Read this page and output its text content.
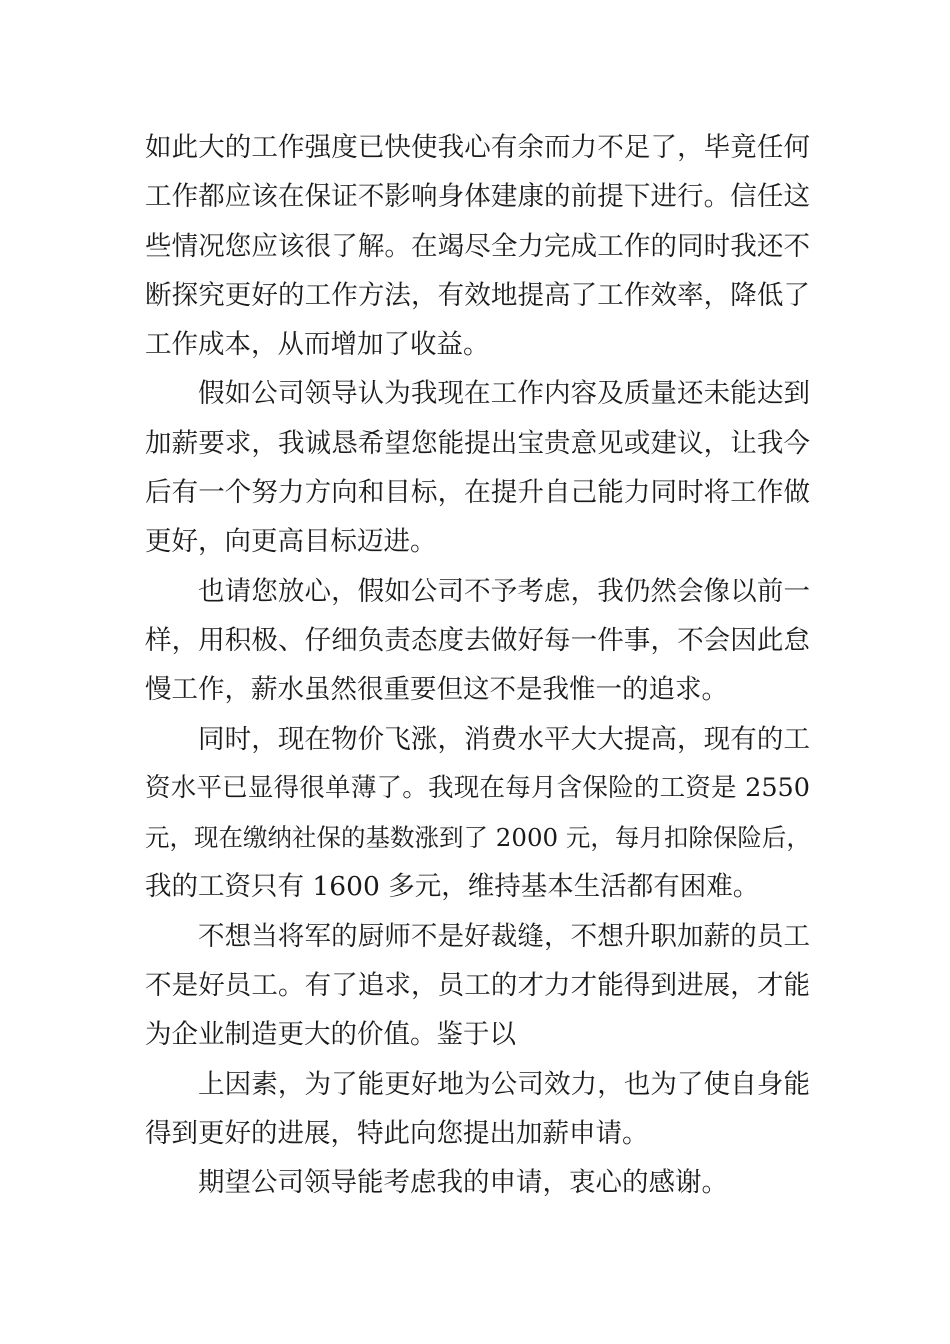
如此大的工作强度已快使我心有余而力不足了，毕竟任何
工作都应该在保证不影响身体建康的前提下进行。信任这
些情况您应该很了解。在竭尽全力完成工作的同时我还不
断探究更好的工作方法，有效地提高了工作效率，降低了
工作成本，从而增加了收益。
假如公司领导认为我现在工作内容及质量还未能达到
加薪要求，我诚恳希望您能提出宝贵意见或建议，让我今
后有一个努力方向和目标，在提升自己能力同时将工作做
更好，向更高目标迈进。
也请您放心，假如公司不予考虑，我仍然会像以前一
样，用积极、仔细负责态度去做好每一件事，不会因此怠
慢工作，薪水虽然很重要但这不是我惟一的追求。
同时，现在物价飞涨，消费水平大大提高，现有的工
资水平已显得很单薄了。我现在每月含保险的工资是 2550
元，现在缴纳社保的基数涨到了 2000 元，每月扣除保险后，
我的工资只有 1600 多元，维持基本生活都有困难。
不想当将军的厨师不是好裁缝，不想升职加薪的员工
不是好员工。有了追求，员工的才力才能得到进展，才能
为企业制造更大的价值。鉴于以
上因素，为了能更好地为公司效力，也为了使自身能
得到更好的进展，特此向您提出加薪申请。
期望公司领导能考虑我的申请，衷心的感谢。
